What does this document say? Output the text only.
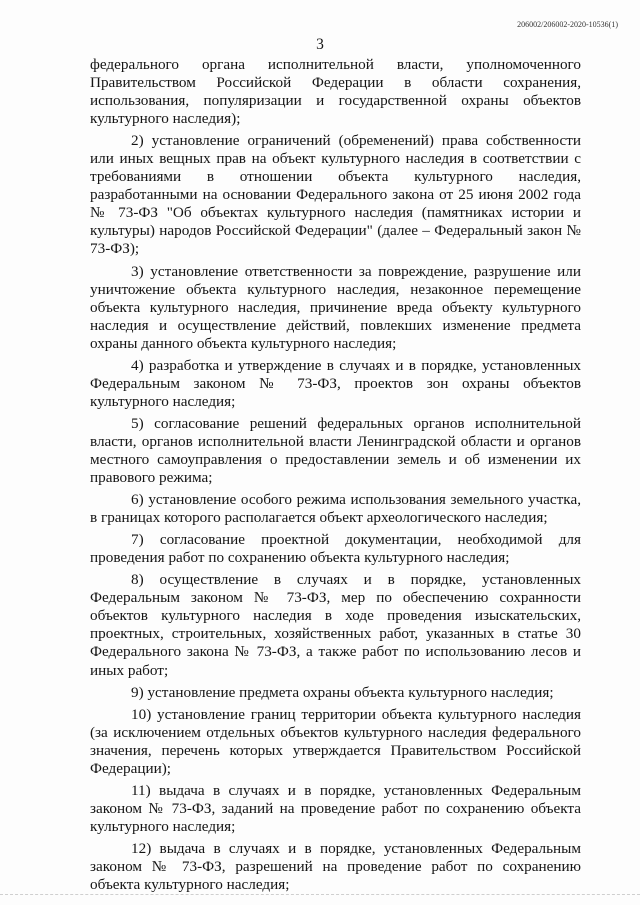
206002/206002-2020-10536(1)
3

федерального органа исполнительной власти, уполномоченного Правительством Российской Федерации в области сохранения, использования, популяризации и государственной охраны объектов культурного наследия);

2) установление ограничений (обременений) права собственности или иных вещных прав на объект культурного наследия в соответствии с требованиями в отношении объекта культурного наследия, разработанными на основании Федерального закона от 25 июня 2002 года № 73-ФЗ "Об объектах культурного наследия (памятниках истории и культуры) народов Российской Федерации" (далее – Федеральный закон № 73-ФЗ);

3) установление ответственности за повреждение, разрушение или уничтожение объекта культурного наследия, незаконное перемещение объекта культурного наследия, причинение вреда объекту культурного наследия и осуществление действий, повлекших изменение предмета охраны данного объекта культурного наследия;

4) разработка и утверждение в случаях и в порядке, установленных Федеральным законом № 73-ФЗ, проектов зон охраны объектов культурного наследия;

5) согласование решений федеральных органов исполнительной власти, органов исполнительной власти Ленинградской области и органов местного самоуправления о предоставлении земель и об изменении их правового режима;

6) установление особого режима использования земельного участка, в границах которого располагается объект археологического наследия;

7) согласование проектной документации, необходимой для проведения работ по сохранению объекта культурного наследия;

8) осуществление в случаях и в порядке, установленных Федеральным законом № 73-ФЗ, мер по обеспечению сохранности объектов культурного наследия в ходе проведения изыскательских, проектных, строительных, хозяйственных работ, указанных в статье 30 Федерального закона № 73-ФЗ, а также работ по использованию лесов и иных работ;

9) установление предмета охраны объекта культурного наследия;

10) установление границ территории объекта культурного наследия (за исключением отдельных объектов культурного наследия федерального значения, перечень которых утверждается Правительством Российской Федерации);

11) выдача в случаях и в порядке, установленных Федеральным законом № 73-ФЗ, заданий на проведение работ по сохранению объекта культурного наследия;

12) выдача в случаях и в порядке, установленных Федеральным законом № 73-ФЗ, разрешений на проведение работ по сохранению объекта культурного наследия;
